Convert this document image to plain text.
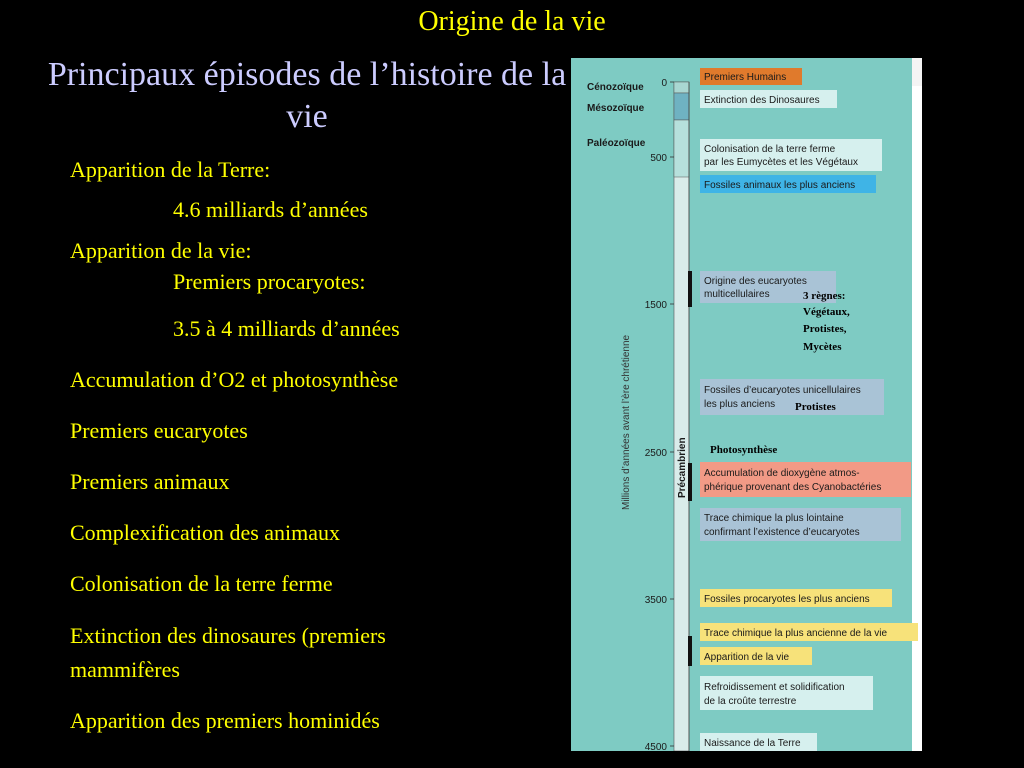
Origine de la vie
Principaux épisodes de l’histoire de la vie

Apparition de la Terre:

4.6 milliards d’années

Apparition de la vie:

Premiers procaryotes:

3.5 à 4 milliards d’années

Accumulation d’O2 et photosynthèse

Premiers eucaryotes

Premiers animaux

Complexification des animaux

Colonisation de la terre ferme

Extinction des dinosaures (premiers

mammifères

Apparition des premiers hominidés

0
500
1500
2500
3500
4500
Cénozoïque
Mésozoïque
Paléozoïque
Millions d’années avant l’ère chrétienne	Précambrien
Premiers Humains
Extinction des Dinosaures
Colonisation de la terre ferme
par les Eumycètes et les Végétaux
Fossiles animaux les plus anciens
Origine des eucaryotes
multicellulaires
Fossiles d’eucaryotes unicellulaires
les plus anciens
Accumulation de dioxygène atmos-
phérique provenant des Cyanobactéries
Trace chimique la plus lointaine
confirmant l’existence d’eucaryotes
Fossiles procaryotes les plus anciens
Trace chimique la plus ancienne de la vie
Apparition de la vie
Refroidissement et solidification
de la croûte terrestre
Naissance de la Terre
3 règnes:
Végétaux,
Protistes,
Mycètes
Protistes
Photosynthèse
